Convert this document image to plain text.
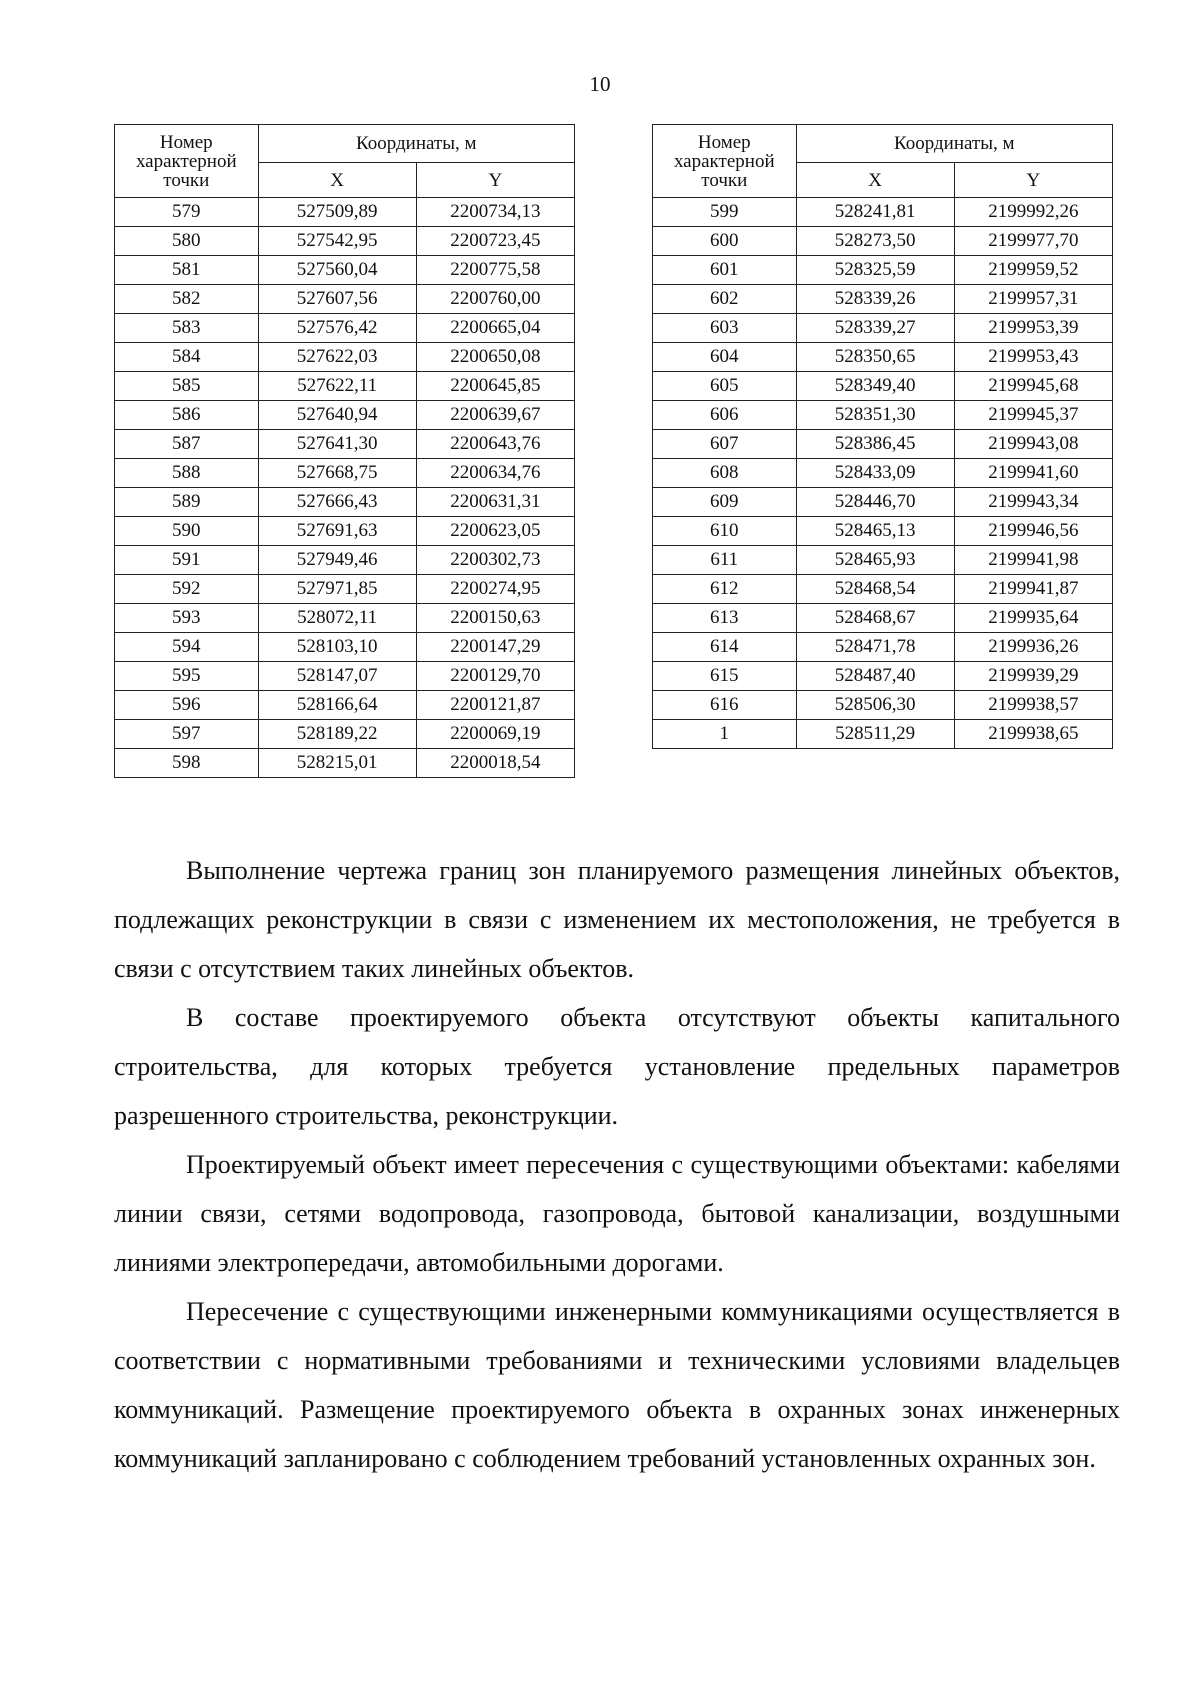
10
Номер характерной точки	Координаты, м	
	X	Y
579	527509,89	2200734,13
580	527542,95	2200723,45
581	527560,04	2200775,58
582	527607,56	2200760,00
583	527576,42	2200665,04
584	527622,03	2200650,08
585	527622,11	2200645,85
586	527640,94	2200639,67
587	527641,30	2200643,76
588	527668,75	2200634,76
589	527666,43	2200631,31
590	527691,63	2200623,05
591	527949,46	2200302,73
592	527971,85	2200274,95
593	528072,11	2200150,63
594	528103,10	2200147,29
595	528147,07	2200129,70
596	528166,64	2200121,87
597	528189,22	2200069,19
598	528215,01	2200018,54
Номер характерной точки	Координаты, м	
	X	Y
599	528241,81	2199992,26
600	528273,50	2199977,70
601	528325,59	2199959,52
602	528339,26	2199957,31
603	528339,27	2199953,39
604	528350,65	2199953,43
605	528349,40	2199945,68
606	528351,30	2199945,37
607	528386,45	2199943,08
608	528433,09	2199941,60
609	528446,70	2199943,34
610	528465,13	2199946,56
611	528465,93	2199941,98
612	528468,54	2199941,87
613	528468,67	2199935,64
614	528471,78	2199936,26
615	528487,40	2199939,29
616	528506,30	2199938,57
1	528511,29	2199938,65

Выполнение чертежа границ зон планируемого размещения линейных объектов, подлежащих реконструкции в связи с изменением их местоположения, не требуется в связи с отсутствием таких линейных объектов.

В составе проектируемого объекта отсутствуют объекты капитального строительства, для которых требуется установление предельных параметров разрешенного строительства, реконструкции.

Проектируемый объект имеет пересечения с существующими объектами: кабелями линии связи, сетями водопровода, газопровода, бытовой канализации, воздушными линиями электропередачи, автомобильными дорогами.

Пересечение с существующими инженерными коммуникациями осуществляется в соответствии с нормативными требованиями и техническими условиями владельцев коммуникаций. Размещение проектируемого объекта в охранных зонах инженерных коммуникаций запланировано с соблюдением требований установленных охранных зон.
